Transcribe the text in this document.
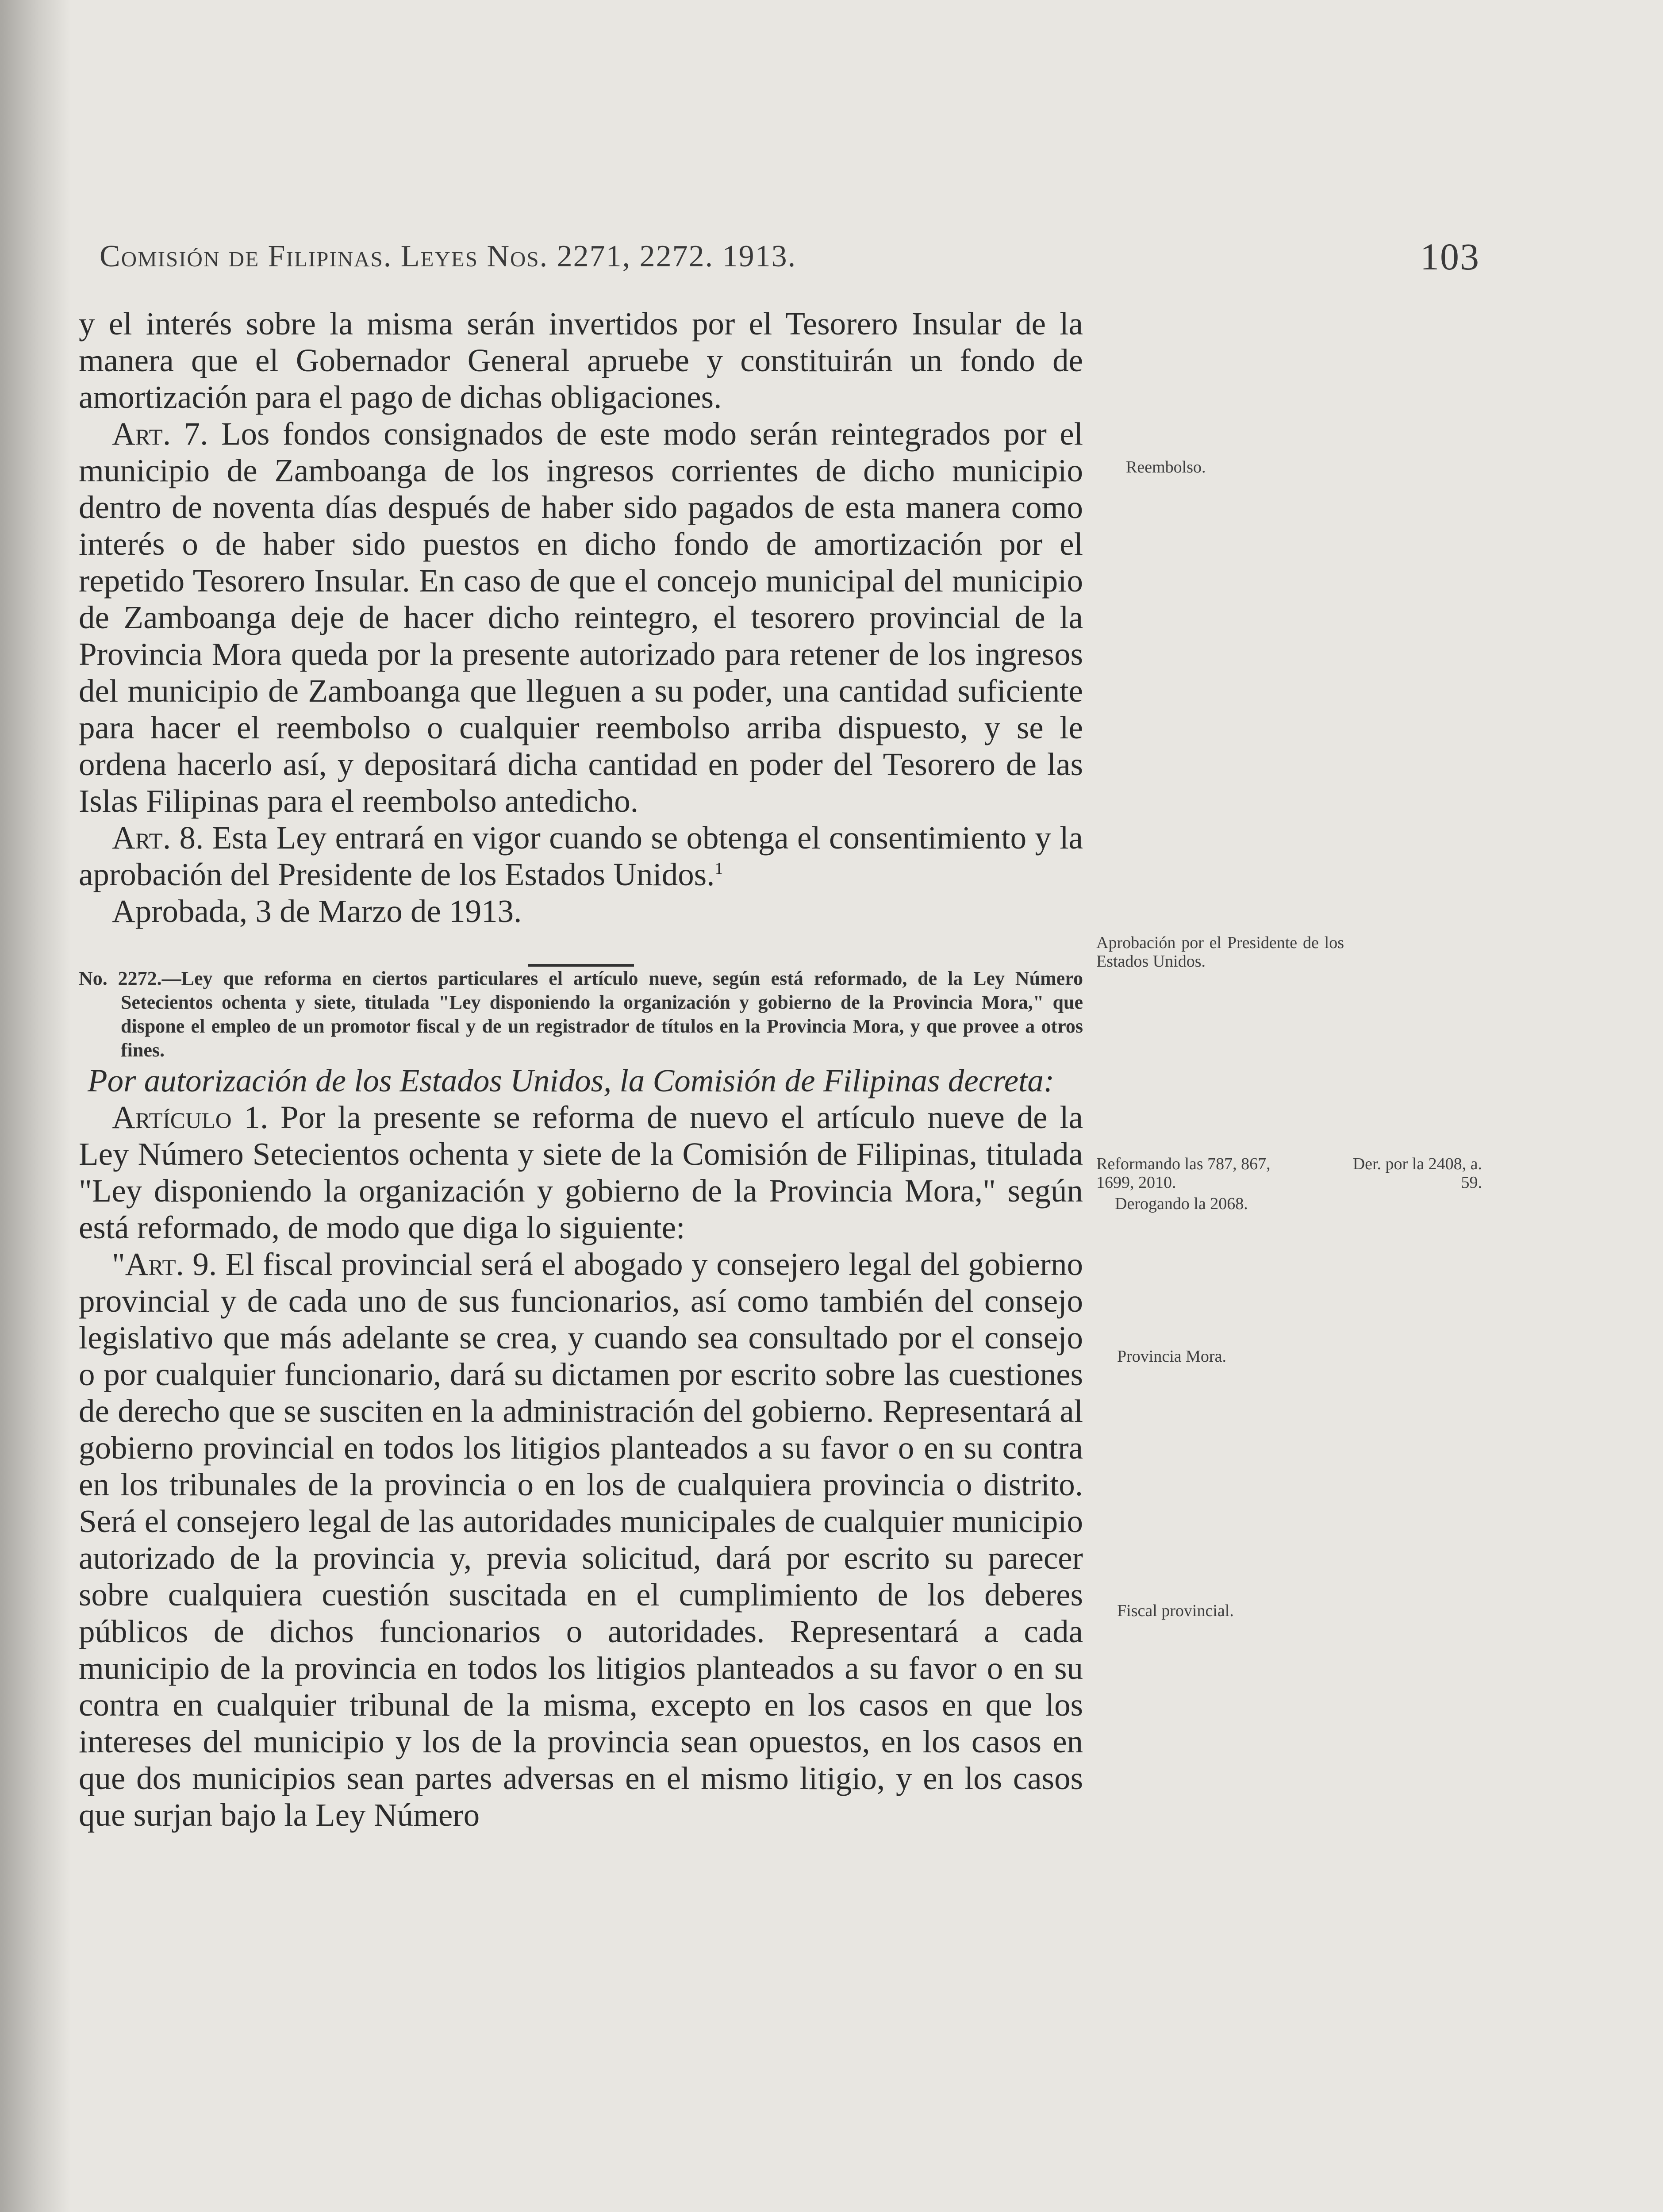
Comisión de Filipinas. Leyes Nos. 2271, 2272. 1913.	103

y el interés sobre la misma serán invertidos por el Tesorero Insular de la manera que el Gobernador General apruebe y constituirán un fondo de amortización para el pago de dichas obligaciones.

Art. 7. Los fondos consignados de este modo serán reintegrados por el municipio de Zamboanga de los ingresos corrientes de dicho municipio dentro de noventa días después de haber sido pagados de esta manera como interés o de haber sido puestos en dicho fondo de amortización por el repetido Tesorero Insular. En caso de que el concejo municipal del municipio de Zamboanga deje de hacer dicho reintegro, el tesorero provincial de la Provincia Mora queda por la presente autorizado para retener de los ingresos del municipio de Zamboanga que lleguen a su poder, una cantidad suficiente para hacer el reembolso o cualquier reembolso arriba dispuesto, y se le ordena hacerlo así, y depositará dicha cantidad en poder del Tesorero de las Islas Filipinas para el reembolso antedicho.

Art. 8. Esta Ley entrará en vigor cuando se obtenga el consentimiento y la aprobación del Presidente de los Estados Unidos.$^1$

Aprobada, 3 de Marzo de 1913.

No. 2272.—Ley que reforma en ciertos particulares el artículo nueve, según está reformado, de la Ley Número Setecientos ochenta y siete, titulada "Ley disponiendo la organización y gobierno de la Provincia Mora," que dispone el empleo de un promotor fiscal y de un registrador de títulos en la Provincia Mora, y que provee a otros fines.

Por autorización de los Estados Unidos, la Comisión de Filipinas decreta:

Artículo 1. Por la presente se reforma de nuevo el artículo nueve de la Ley Número Setecientos ochenta y siete de la Comisión de Filipinas, titulada "Ley disponiendo la organización y gobierno de la Provincia Mora," según está reformado, de modo que diga lo siguiente:

"Art. 9. El fiscal provincial será el abogado y consejero legal del gobierno provincial y de cada uno de sus funcionarios, así como también del consejo legislativo que más adelante se crea, y cuando sea consultado por el consejo o por cualquier funcionario, dará su dictamen por escrito sobre las cuestiones de derecho que se susciten en la administración del gobierno. Representará al gobierno provincial en todos los litigios planteados a su favor o en su contra en los tribunales de la provincia o en los de cualquiera provincia o distrito. Será el consejero legal de las autoridades municipales de cualquier municipio autorizado de la provincia y, previa solicitud, dará por escrito su parecer sobre cualquiera cuestión suscitada en el cumplimiento de los deberes públicos de dichos funcionarios o autoridades. Representará a cada municipio de la provincia en todos los litigios planteados a su favor o en su contra en cualquier tribunal de la misma, excepto en los casos en que los intereses del municipio y los de la provincia sean opuestos, en los casos en que dos municipios sean partes adversas en el mismo litigio, y en los casos que surjan bajo la Ley Número

Reembolso.
Aprobación por el Presidente de los Estados Unidos.
Reformando las 787, 867, 1699, 2010.
Derogando la 2068.
Der. por la 2408, a. 59.
Provincia Mora.
Fiscal provincial.
